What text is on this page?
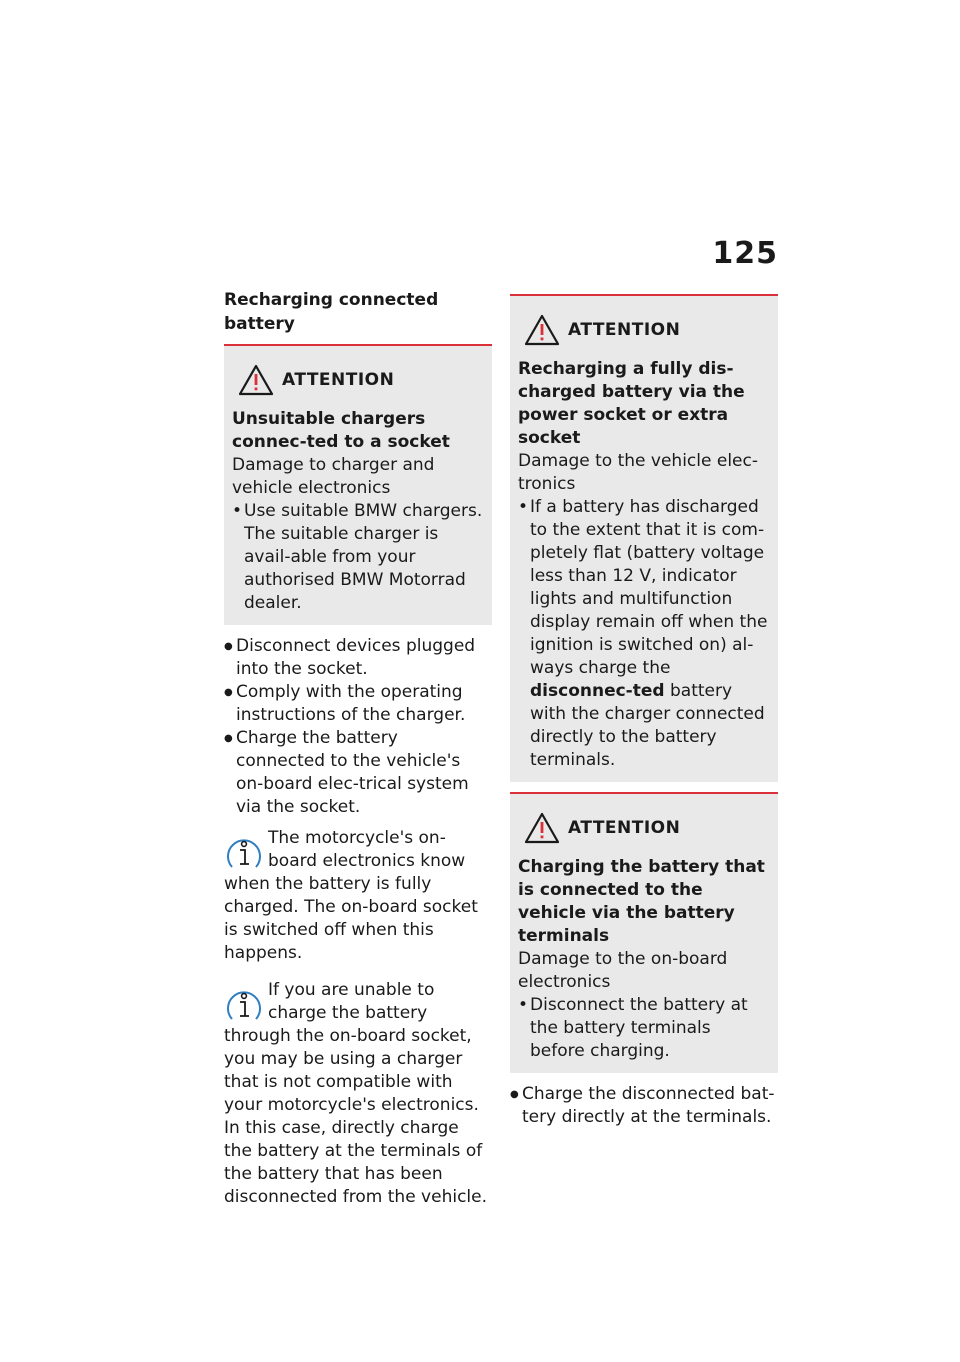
125
Recharging connected battery
ATTENTION
Unsuitable chargers connec-ted to a socket
Damage to charger and vehicle electronics
• Use suitable BMW chargers. The suitable charger is avail-able from your authorised BMW Motorrad dealer.
● Disconnect devices plugged into the socket.
● Comply with the operating instructions of the charger.
● Charge the battery connected to the vehicle's on-board elec-trical system via the socket.
The motorcycle's on-board electronics know when the battery is fully charged. The on-board socket is switched off when this happens.
If you are unable to charge the battery through the on-board socket, you may be using a charger that is not compatible with your motorcycle's electronics. In this case, directly charge the battery at the terminals of the battery that has been disconnected from the vehicle.
ATTENTION
Recharging a fully dis-charged battery via the power socket or extra socket
Damage to the vehicle elec-tronics
• If a battery has discharged to the extent that it is com-pletely flat (battery voltage less than 12 V, indicator lights and multifunction display remain off when the ignition is switched on) al-ways charge the disconnec-ted battery with the charger connected directly to the battery terminals.
ATTENTION
Charging the battery that is connected to the vehicle via the battery terminals
Damage to the on-board electronics
• Disconnect the battery at the battery terminals before charging.
● Charge the disconnected bat-tery directly at the terminals.
